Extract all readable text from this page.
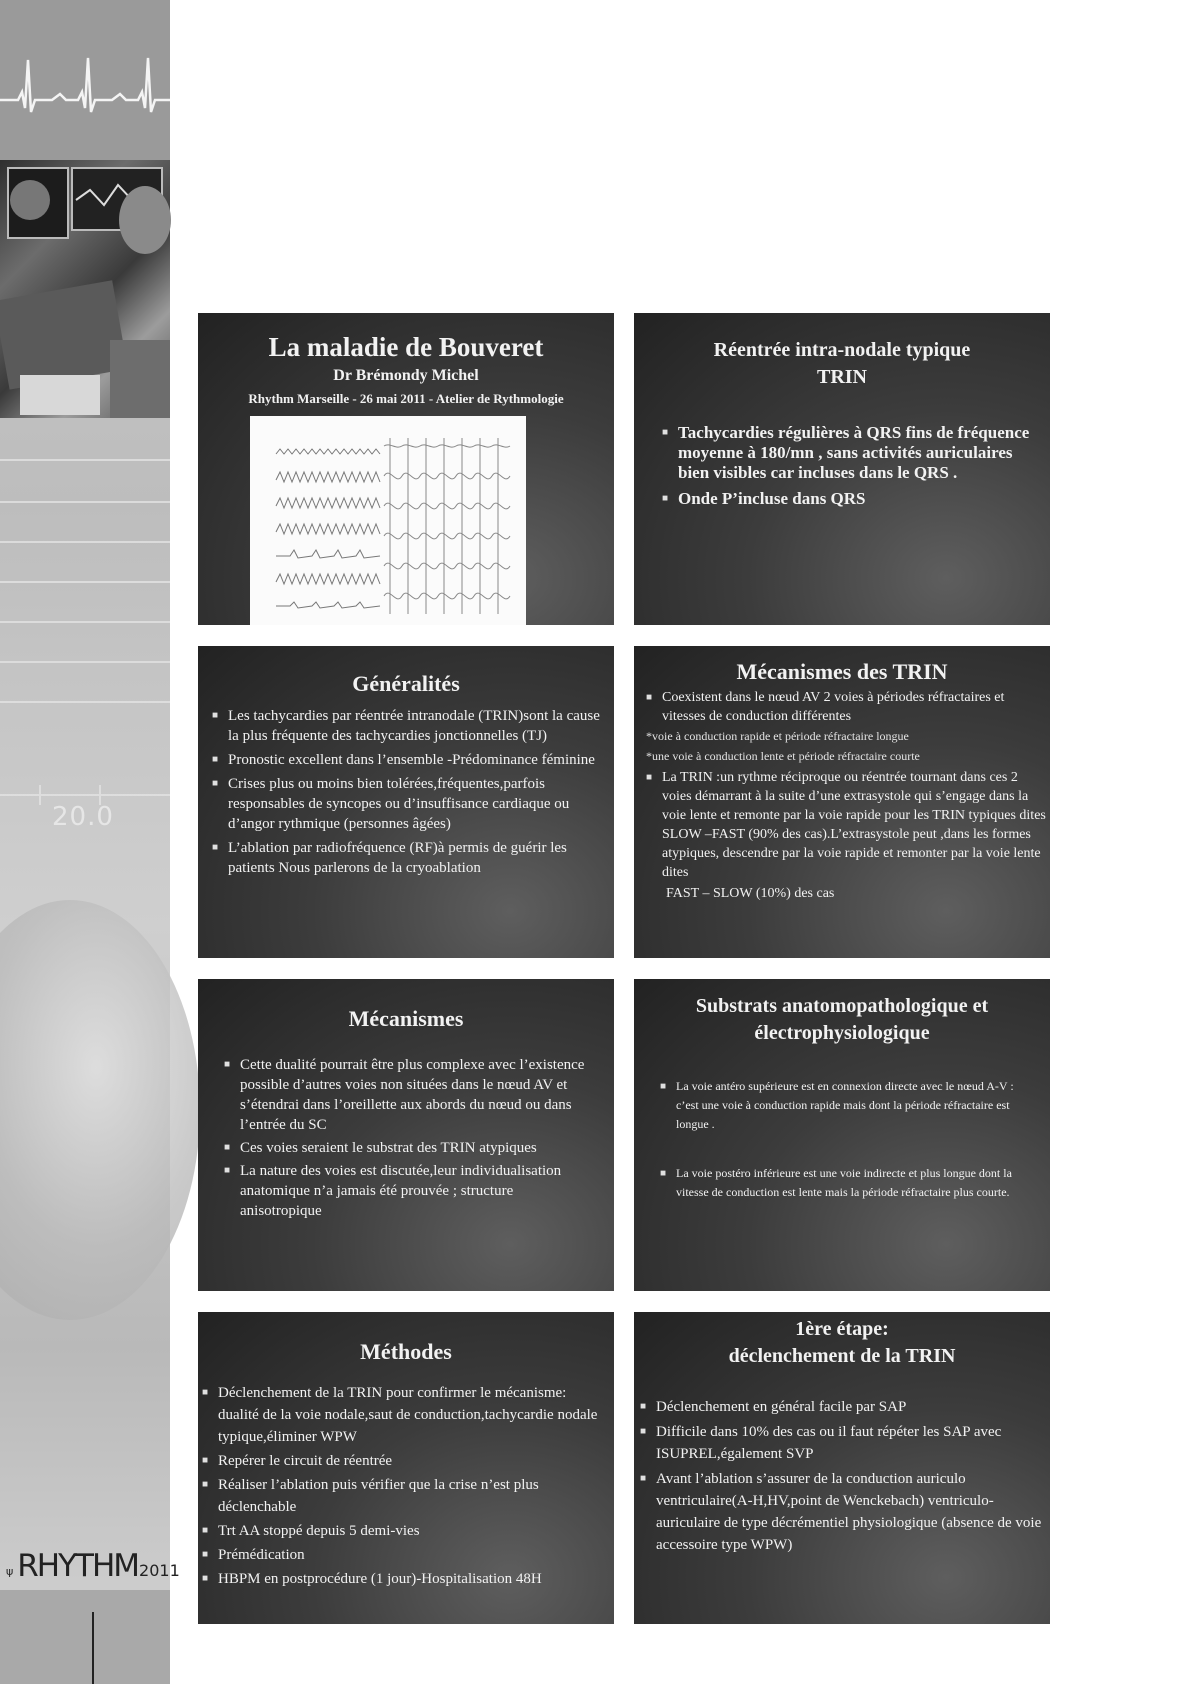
20.0
ψ RHYTHM2011

La maladie de Bouveret

Dr Brémondy Michel

Rhythm Marseille - 26 mai 2011 - Atelier de Rythmologie

Réentrée intra-nodale typique

TRIN

■ Tachycardies régulières à QRS fins de fréquence moyenne à 180/mn , sans activités auriculaires bien visibles car incluses dans le QRS .
■ Onde P’incluse dans QRS

Généralités

■ Les tachycardies par réentrée intranodale (TRIN)sont la cause la plus fréquente des tachycardies jonctionnelles (TJ)
■ Pronostic excellent dans l’ensemble -Prédominance féminine
■ Crises plus ou moins bien tolérées,fréquentes,parfois responsables de syncopes ou d’insuffisance cardiaque ou d’angor rythmique (personnes âgées)
■ L’ablation par radiofréquence (RF)à permis de guérir les patients Nous parlerons de la cryoablation

Mécanismes des TRIN

■ Coexistent dans le nœud AV 2 voies à périodes réfractaires et vitesses de conduction différentes
*voie à conduction rapide et période réfractaire longue
*une voie à conduction lente et période réfractaire courte
■ La TRIN :un rythme réciproque ou réentrée tournant dans ces 2 voies démarrant à la suite d’une extrasystole qui s’engage dans la voie lente et remonte par la voie rapide pour les TRIN typiques dites SLOW –FAST (90% des cas).L’extrasystole peut ,dans les formes atypiques, descendre par la voie rapide et remonter par la voie lente dites
FAST – SLOW (10%) des cas

Mécanismes

■ Cette dualité pourrait être plus complexe avec l’existence possible d’autres voies non situées dans le nœud AV et s’étendrai dans l’oreillette aux abords du nœud ou dans l’entrée du SC
■ Ces voies seraient le substrat des TRIN atypiques
■ La nature des voies est discutée,leur individualisation anatomique n’a jamais été prouvée ; structure anisotropique

Substrats anatomopathologique et

électrophysiologique

■ La voie antéro supérieure est en connexion directe avec le nœud A-V : c’est une voie à conduction rapide mais dont la période réfractaire est longue .
■ La voie postéro inférieure est une voie indirecte et plus longue dont la vitesse de conduction est lente mais la période réfractaire plus courte.

Méthodes

■ Déclenchement de la TRIN pour confirmer le mécanisme: dualité de la voie nodale,saut de conduction,tachycardie nodale typique,éliminer WPW
■ Repérer le circuit de réentrée
■ Réaliser l’ablation puis vérifier que la crise n’est plus déclenchable
■ Trt AA stoppé depuis 5 demi-vies
■ Prémédication
■ HBPM en postprocédure (1 jour)-Hospitalisation 48H

1ère étape:

déclenchement de la TRIN

■ Déclenchement en général facile par SAP
■ Difficile dans 10% des cas ou il faut répéter les SAP avec ISUPREL,également SVP
■ Avant l’ablation s’assurer de la conduction auriculo ventriculaire(A-H,HV,point de Wenckebach) ventriculo-auriculaire de type décrémentiel physiologique (absence de voie accessoire type WPW)
